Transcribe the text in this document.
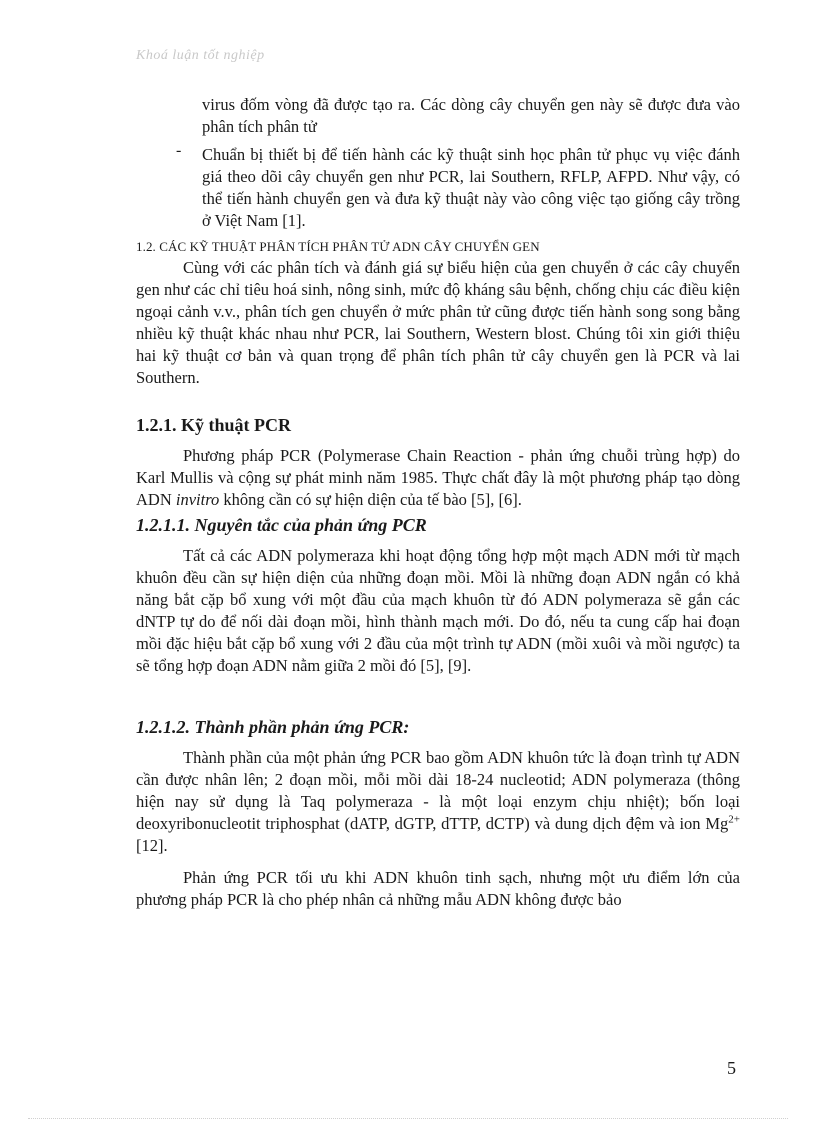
Khoá luận tốt nghiệp
virus đốm vòng đã được tạo ra. Các dòng cây chuyển gen này sẽ được đưa vào phân tích phân tử
- Chuẩn bị thiết bị để tiến hành các kỹ thuật sinh học phân tử phục vụ việc đánh giá theo dõi cây chuyển gen như PCR, lai Southern, RFLP, AFPD. Như vậy, có thể tiến hành chuyển gen và đưa kỹ thuật này vào công việc tạo giống cây trồng ở Việt Nam [1].
1.2. CÁC KỸ THUẬT PHÂN TÍCH PHÂN TỬ ADN CÂY CHUYỂN GEN

Cùng với các phân tích và đánh giá sự biểu hiện của gen chuyển ở các cây chuyển gen như các chỉ tiêu hoá sinh, nông sinh, mức độ kháng sâu bệnh, chống chịu các điều kiện ngoại cảnh v.v., phân tích gen chuyển ở mức phân tử cũng được tiến hành song song bằng nhiều kỹ thuật khác nhau như PCR, lai Southern, Western blost. Chúng tôi xin giới thiệu hai kỹ thuật cơ bản và quan trọng để phân tích phân tử cây chuyển gen là PCR và lai Southern.

1.2.1. Kỹ thuật PCR

Phương pháp PCR (Polymerase Chain Reaction - phản ứng chuỗi trùng hợp) do Karl Mullis và cộng sự phát minh năm 1985. Thực chất đây là một phương pháp tạo dòng ADN invitro không cần có sự hiện diện của tế bào [5], [6].

1.2.1.1. Nguyên tắc của phản ứng PCR

Tất cả các ADN polymeraza khi hoạt động tổng hợp một mạch ADN mới từ mạch khuôn đều cần sự hiện diện của những đoạn mồi. Mồi là những đoạn ADN ngắn có khả năng bắt cặp bổ xung với một đầu của mạch khuôn từ đó ADN polymeraza sẽ gắn các dNTP tự do để nối dài đoạn mồi, hình thành mạch mới. Do đó, nếu ta cung cấp hai đoạn mồi đặc hiệu bắt cặp bổ xung với 2 đầu của một trình tự ADN (mồi xuôi và mồi ngược) ta sẽ tổng hợp đoạn ADN nằm giữa 2 mồi đó [5], [9].

1.2.1.2. Thành phần phản ứng PCR:

Thành phần của một phản ứng PCR bao gồm ADN khuôn tức là đoạn trình tự ADN cần được nhân lên; 2 đoạn mồi, mỗi mồi dài 18-24 nucleotid; ADN polymeraza (thông hiện nay sử dụng là Taq polymeraza - là một loại enzym chịu nhiệt); bốn loại deoxyribonucleotit triphosphat (dATP, dGTP, dTTP, dCTP) và dung dịch đệm và ion $Mg^{2+}$ [12].

Phản ứng PCR tối ưu khi ADN khuôn tinh sạch, nhưng một ưu điểm lớn của phương pháp PCR là cho phép nhân cả những mẫu ADN không được bảo

5
